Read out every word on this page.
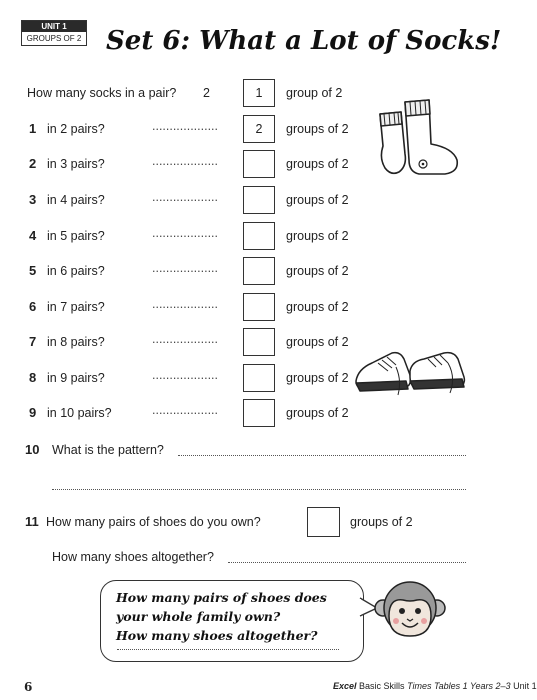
UNIT 1
GROUPS OF 2 Set 6: What a Lot of Socks!
How many socks in a pair? 2	1	group of 2
1 in 2 pairs?	...................	2	groups of 2
2 in 3 pairs?	...................	groups of 2
3 in 4 pairs?	...................	groups of 2
4 in 5 pairs?	...................	groups of 2
5 in 6 pairs?	...................	groups of 2
6 in 7 pairs?	...................	groups of 2
7 in 8 pairs?	...................	groups of 2
8 in 9 pairs?	...................	groups of 2
9 in 10 pairs?	...................	groups of 2
10 What is the pattern?
11 How many pairs of shoes do you own?	groups of 2
How many shoes altogether?
How many pairs of shoes does
your whole family own?
How many shoes altogether?
6	Excel Basic Skills Times Tables 1 Years 2–3 Unit 1
